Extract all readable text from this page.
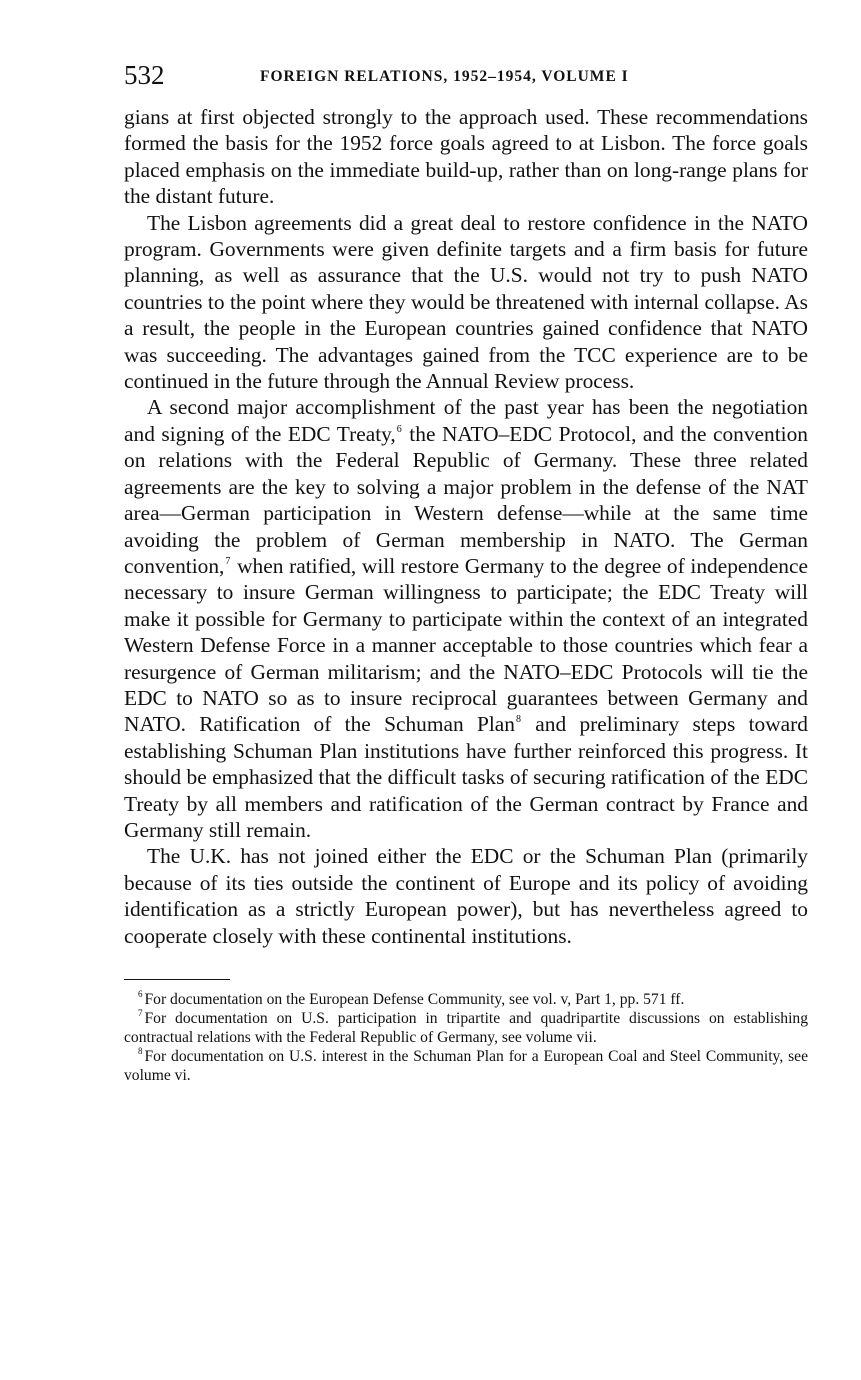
532	FOREIGN RELATIONS, 1952–1954, VOLUME I

gians at first objected strongly to the approach used. These recommendations formed the basis for the 1952 force goals agreed to at Lisbon. The force goals placed emphasis on the immediate build-up, rather than on long-range plans for the distant future.

The Lisbon agreements did a great deal to restore confidence in the NATO program. Governments were given definite targets and a firm basis for future planning, as well as assurance that the U.S. would not try to push NATO countries to the point where they would be threatened with internal collapse. As a result, the people in the European countries gained confidence that NATO was succeeding. The advantages gained from the TCC experience are to be continued in the future through the Annual Review process.

A second major accomplishment of the past year has been the negotiation and signing of the EDC Treaty,$^6$ the NATO–EDC Protocol, and the convention on relations with the Federal Republic of Germany. These three related agreements are the key to solving a major problem in the defense of the NAT area—German participation in Western defense—while at the same time avoiding the problem of German membership in NATO. The German convention,$^7$ when ratified, will restore Germany to the degree of independence necessary to insure German willingness to participate; the EDC Treaty will make it possible for Germany to participate within the context of an integrated Western Defense Force in a manner acceptable to those countries which fear a resurgence of German militarism; and the NATO–EDC Protocols will tie the EDC to NATO so as to insure reciprocal guarantees between Germany and NATO. Ratification of the Schuman Plan$^8$ and preliminary steps toward establishing Schuman Plan institutions have further reinforced this progress. It should be emphasized that the difficult tasks of securing ratification of the EDC Treaty by all members and ratification of the German contract by France and Germany still remain.

The U.K. has not joined either the EDC or the Schuman Plan (primarily because of its ties outside the continent of Europe and its policy of avoiding identification as a strictly European power), but has nevertheless agreed to cooperate closely with these continental institutions.

$^6$ For documentation on the European Defense Community, see vol. v, Part 1, pp. 571 ff.

$^7$ For documentation on U.S. participation in tripartite and quadripartite discussions on establishing contractual relations with the Federal Republic of Germany, see volume vii.

$^8$ For documentation on U.S. interest in the Schuman Plan for a European Coal and Steel Community, see volume vi.
